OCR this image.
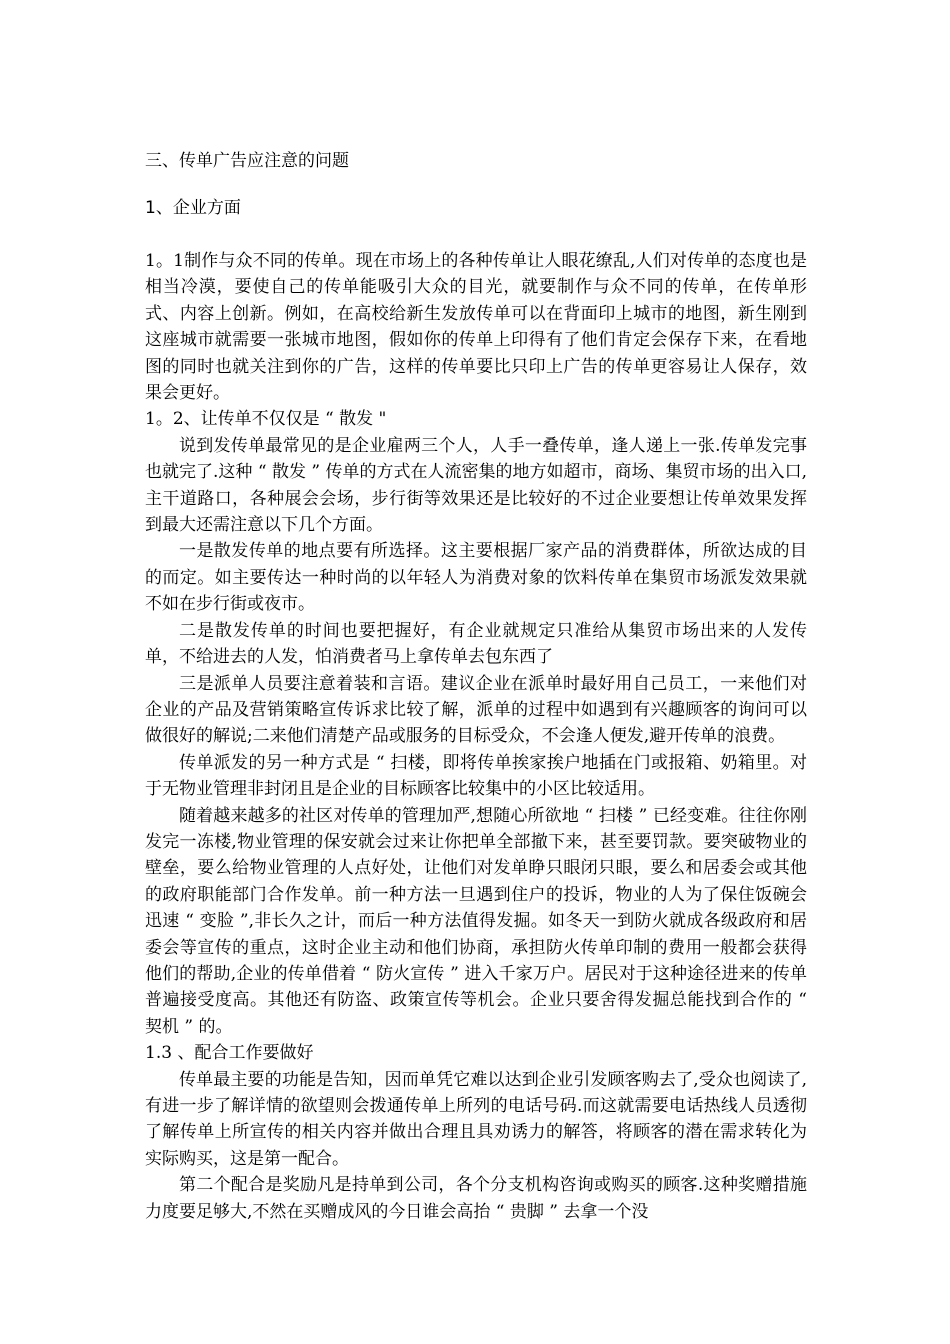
三、传单广告应注意的问题

1、企业方面

1。1制作与众不同的传单。现在市场上的各种传单让人眼花缭乱,人们对传单的态度也是相当冷漠，要使自己的传单能吸引大众的目光，就要制作与众不同的传单，在传单形式、内容上创新。例如，在高校给新生发放传单可以在背面印上城市的地图，新生刚到这座城市就需要一张城市地图，假如你的传单上印得有了他们肯定会保存下来，在看地图的同时也就关注到你的广告，这样的传单要比只印上广告的传单更容易让人保存，效果会更好。

1。2、让传单不仅仅是 “ 散发 "

说到发传单最常见的是企业雇两三个人，人手一叠传单，逢人递上一张.传单发完事也就完了.这种 “ 散发 ” 传单的方式在人流密集的地方如超市，商场、集贸市场的出入口,主干道路口，各种展会会场，步行街等效果还是比较好的不过企业要想让传单效果发挥到最大还需注意以下几个方面。

一是散发传单的地点要有所选择。这主要根据厂家产品的消费群体，所欲达成的目的而定。如主要传达一种时尚的以年轻人为消费对象的饮料传单在集贸市场派发效果就不如在步行街或夜市。

二是散发传单的时间也要把握好，有企业就规定只准给从集贸市场出来的人发传单，不给进去的人发，怕消费者马上拿传单去包东西了

三是派单人员要注意着装和言语。建议企业在派单时最好用自己员工，一来他们对企业的产品及营销策略宣传诉求比较了解，派单的过程中如遇到有兴趣顾客的询问可以做很好的解说;二来他们清楚产品或服务的目标受众，不会逢人便发,避开传单的浪费。

传单派发的另一种方式是 “ 扫楼，即将传单挨家挨户地插在门或报箱、奶箱里。对于无物业管理非封闭且是企业的目标顾客比较集中的小区比较适用。

随着越来越多的社区对传单的管理加严,想随心所欲地 “ 扫楼 ” 已经变难。往往你刚发完一冻楼,物业管理的保安就会过来让你把单全部撤下来，甚至要罚款。要突破物业的壁垒，要么给物业管理的人点好处，让他们对发单睁只眼闭只眼，要么和居委会或其他的政府职能部门合作发单。前一种方法一旦遇到住户的投诉，物业的人为了保住饭碗会迅速 “ 变脸 ”,非长久之计，而后一种方法值得发掘。如冬天一到防火就成各级政府和居委会等宣传的重点，这时企业主动和他们协商，承担防火传单印制的费用一般都会获得他们的帮助,企业的传单借着 “ 防火宣传 ” 进入千家万户。居民对于这种途径进来的传单普遍接受度高。其他还有防盗、政策宣传等机会。企业只要舍得发掘总能找到合作的 “ 契机 ” 的。

1.3 、配合工作要做好

传单最主要的功能是告知，因而单凭它难以达到企业引发顾客购去了,受众也阅读了,有进一步了解详情的欲望则会拨通传单上所列的电话号码.而这就需要电话热线人员透彻了解传单上所宣传的相关内容并做出合理且具劝诱力的解答，将顾客的潜在需求转化为实际购买，这是第一配合。

第二个配合是奖励凡是持单到公司，各个分支机构咨询或购买的顾客.这种奖赠措施力度要足够大,不然在买赠成风的今日谁会高抬 “ 贵脚 ” 去拿一个没
